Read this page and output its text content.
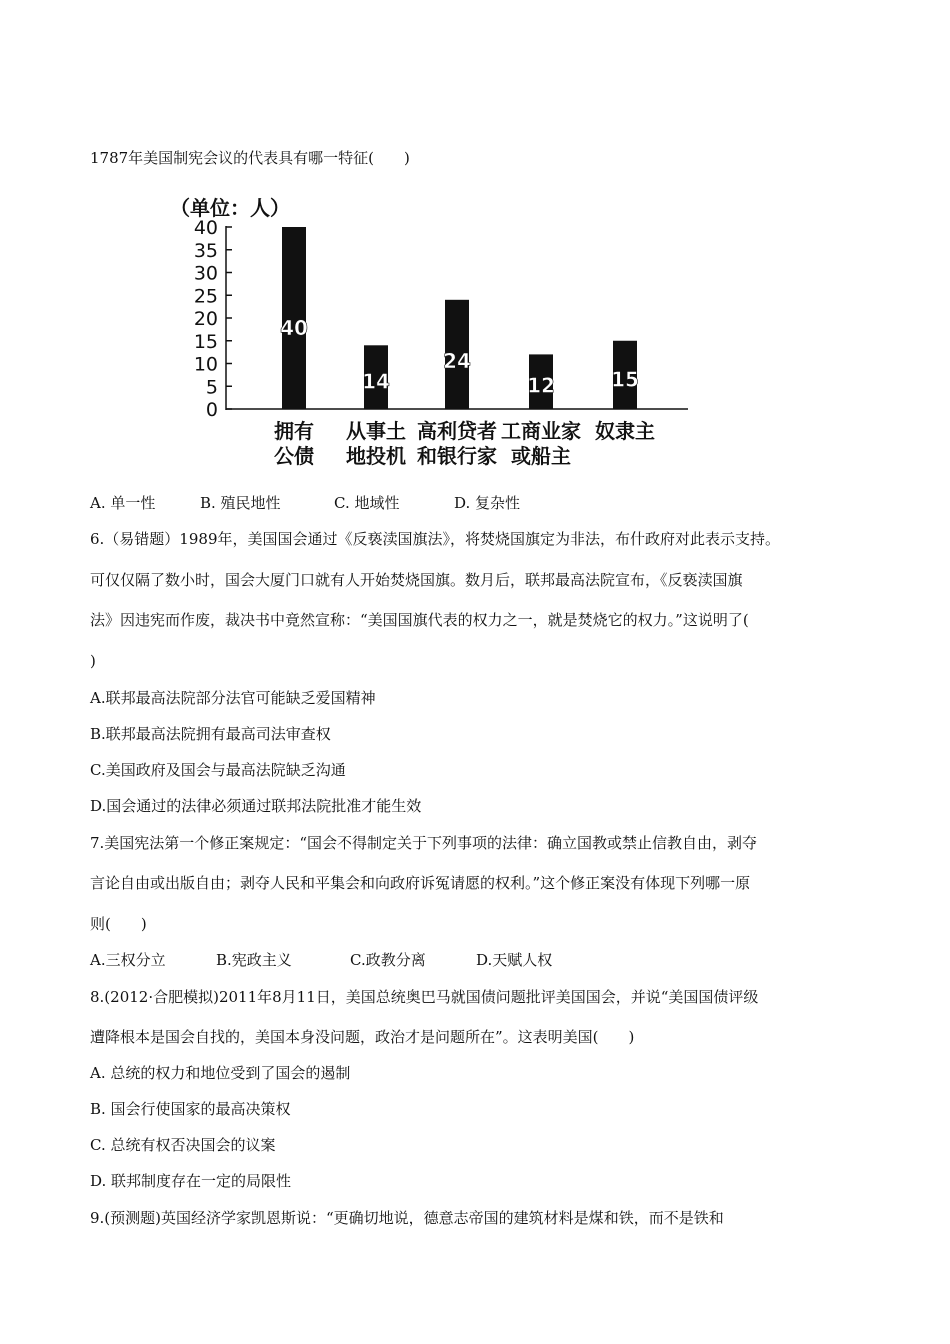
1787年美国制宪会议的代表具有哪一特征(　　)
（单位：人）
0
5
10
15
20
25
30
35
40
40
14
24
12	15
拥有
公债
从事土
地投机
高利贷者
和银行家
工商业家
或船主
奴隶主
A. 单一性	B. 殖民地性	C. 地域性	D. 复杂性
6.（易错题）1989年，美国国会通过《反亵渎国旗法》，将焚烧国旗定为非法，布什政府对此表示支持。
可仅仅隔了数小时，国会大厦门口就有人开始焚烧国旗。数月后，联邦最高法院宣布，《反亵渎国旗
法》因违宪而作废，裁决书中竟然宣称：“美国国旗代表的权力之一，就是焚烧它的权力。”这说明了(
)
A.联邦最高法院部分法官可能缺乏爱国精神
B.联邦最高法院拥有最高司法审查权
C.美国政府及国会与最高法院缺乏沟通
D.国会通过的法律必须通过联邦法院批准才能生效
7.美国宪法第一个修正案规定：“国会不得制定关于下列事项的法律：确立国教或禁止信教自由，剥夺
言论自由或出版自由；剥夺人民和平集会和向政府诉冤请愿的权利。”这个修正案没有体现下列哪一原
则(　　)
A.三权分立	B.宪政主义	C.政教分离	D.天赋人权
8.(2012·合肥模拟)2011年8月11日，美国总统奥巴马就国债问题批评美国国会，并说“美国国债评级
遭降根本是国会自找的，美国本身没问题，政治才是问题所在”。这表明美国(　　)
A. 总统的权力和地位受到了国会的遏制
B. 国会行使国家的最高决策权
C. 总统有权否决国会的议案
D. 联邦制度存在一定的局限性
9.(预测题)英国经济学家凯恩斯说：“更确切地说，德意志帝国的建筑材料是煤和铁，而不是铁和
